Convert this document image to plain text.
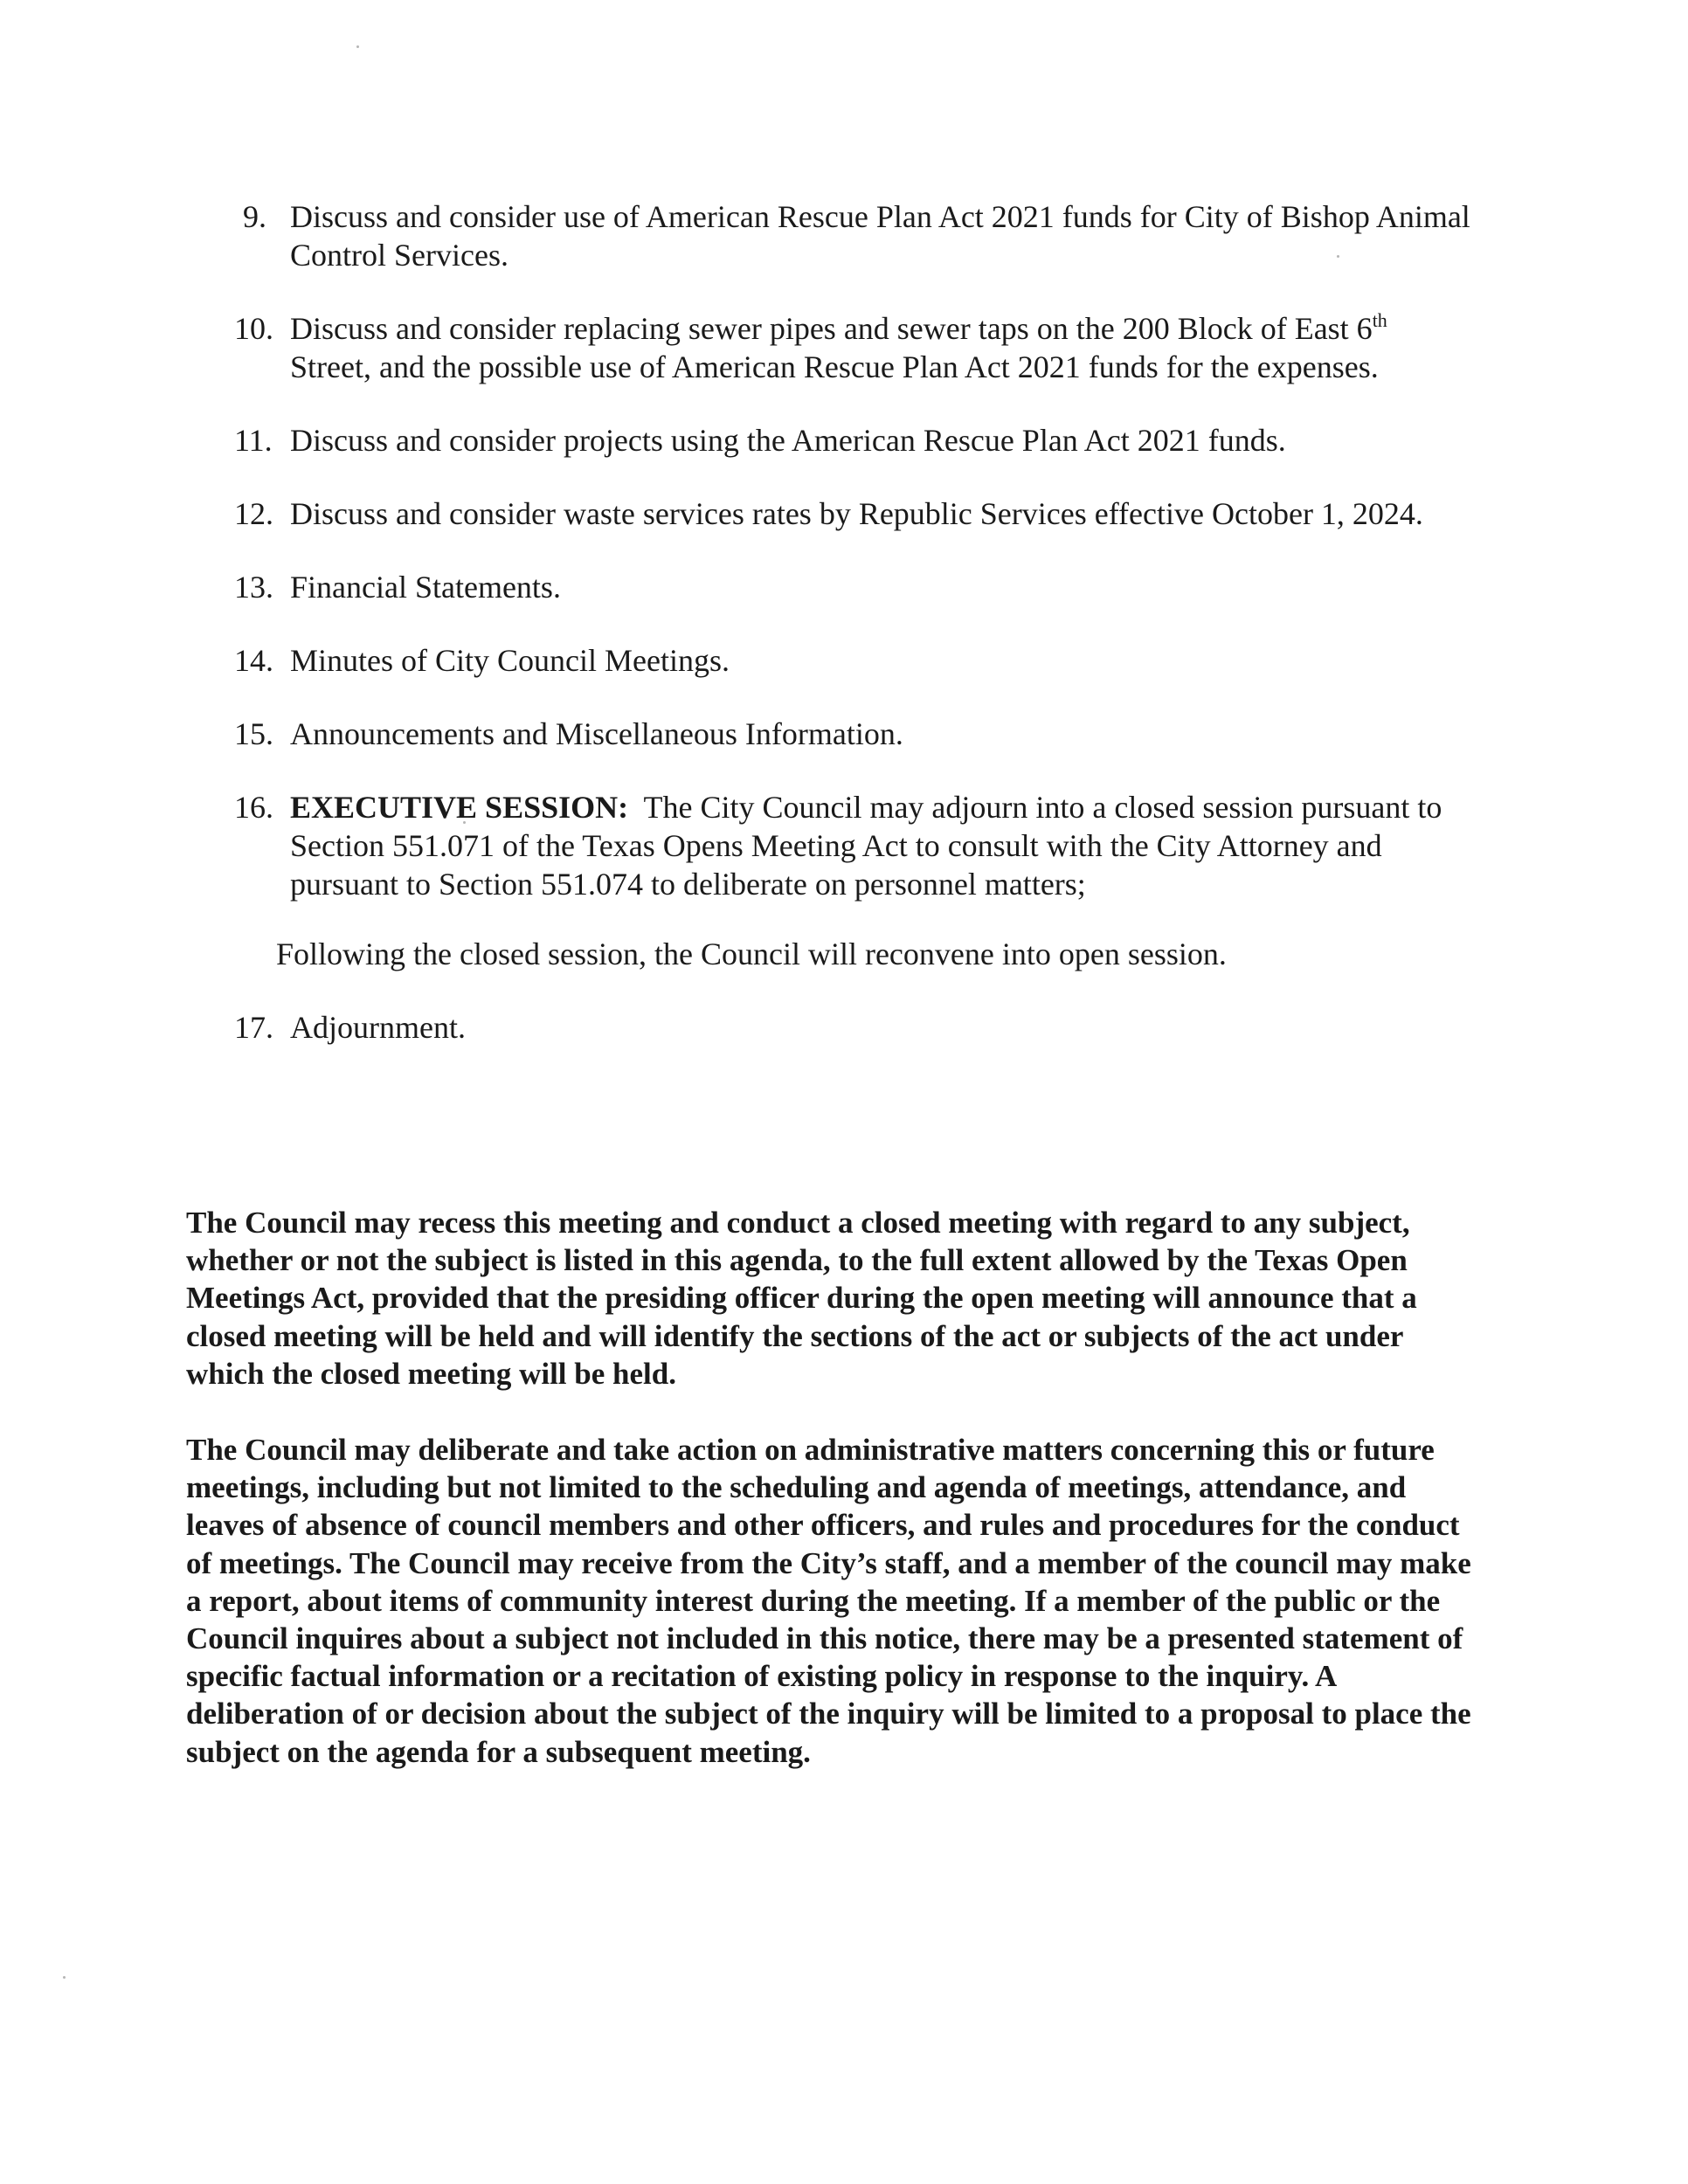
9. Discuss and consider use of American Rescue Plan Act 2021 funds for City of Bishop Animal Control Services.
10. Discuss and consider replacing sewer pipes and sewer taps on the 200 Block of East 6th Street, and the possible use of American Rescue Plan Act 2021 funds for the expenses.
11. Discuss and consider projects using the American Rescue Plan Act 2021 funds.
12. Discuss and consider waste services rates by Republic Services effective October 1, 2024.
13. Financial Statements.
14. Minutes of City Council Meetings.
15. Announcements and Miscellaneous Information.
16. EXECUTIVE SESSION:  The City Council may adjourn into a closed session pursuant to Section 551.071 of the Texas Opens Meeting Act to consult with the City Attorney and pursuant to Section 551.074 to deliberate on personnel matters;
Following the closed session, the Council will reconvene into open session.
17. Adjournment.

The Council may recess this meeting and conduct a closed meeting with regard to any subject, whether or not the subject is listed in this agenda, to the full extent allowed by the Texas Open Meetings Act, provided that the presiding officer during the open meeting will announce that a closed meeting will be held and will identify the sections of the act or subjects of the act under which the closed meeting will be held.

The Council may deliberate and take action on administrative matters concerning this or future meetings, including but not limited to the scheduling and agenda of meetings, attendance, and leaves of absence of council members and other officers, and rules and procedures for the conduct of meetings. The Council may receive from the City’s staff, and a member of the council may make a report, about items of community interest during the meeting. If a member of the public or the Council inquires about a subject not included in this notice, there may be a presented statement of specific factual information or a recitation of existing policy in response to the inquiry. A deliberation of or decision about the subject of the inquiry will be limited to a proposal to place the subject on the agenda for a subsequent meeting.
